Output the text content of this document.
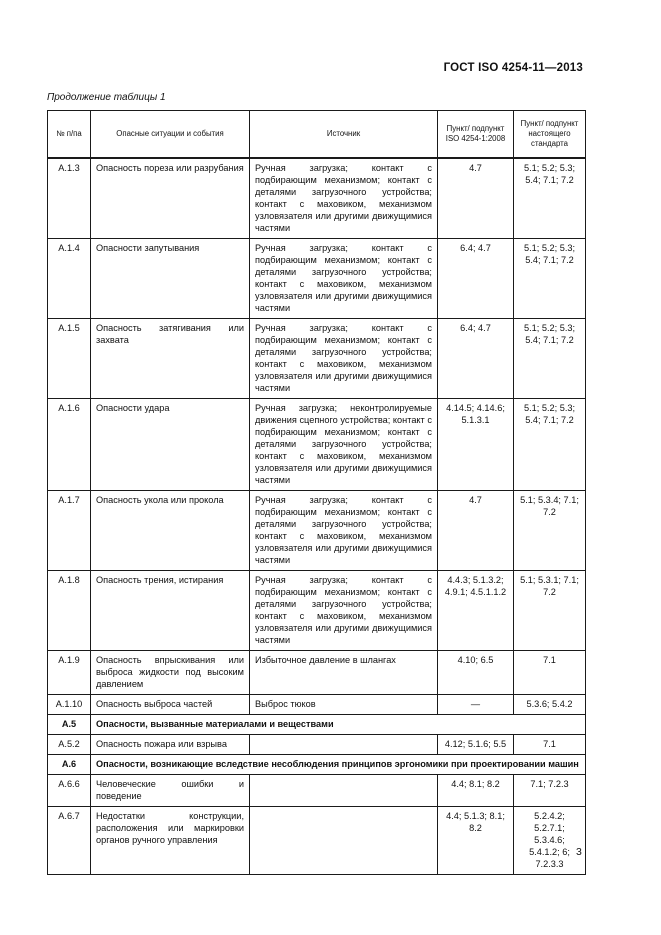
ГОСТ ISO 4254-11—2013
Продолжение таблицы 1
№ п/пa	Опасные ситуации и события	Источник	Пункт/ подпункт ISO 4254-1:2008	Пункт/ подпункт настоящего стандарта
A.1.3	Опасность пореза или разрубания	Ручная загрузка; контакт с подбирающим механизмом; контакт с деталями загрузочного устройства; контакт с маховиком, механизмом узловязателя или другими движущимися частями	4.7	5.1; 5.2; 5.3; 5.4; 7.1; 7.2
A.1.4	Опасности запутывания	Ручная загрузка; контакт с подбирающим механизмом; контакт с деталями загрузочного устройства; контакт с маховиком, механизмом узловязателя или другими движущимися частями	6.4; 4.7	5.1; 5.2; 5.3; 5.4; 7.1; 7.2
A.1.5	Опасность затягивания или захвата	Ручная загрузка; контакт с подбирающим механизмом; контакт с деталями загрузочного устройства; контакт с маховиком, механизмом узловязателя или другими движущимися частями	6.4; 4.7	5.1; 5.2; 5.3; 5.4; 7.1; 7.2
A.1.6	Опасности удара	Ручная загрузка; неконтролируемые движения сцепного устройства; контакт с подбирающим механизмом; контакт с деталями загрузочного устройства; контакт с маховиком, механизмом узловязателя или другими движущимися частями	4.14.5; 4.14.6; 5.1.3.1	5.1; 5.2; 5.3; 5.4; 7.1; 7.2
A.1.7	Опасность укола или прокола	Ручная загрузка; контакт с подбирающим механизмом; контакт с деталями загрузочного устройства; контакт с маховиком, механизмом узловязателя или другими движущимися частями	4.7	5.1; 5.3.4; 7.1; 7.2
A.1.8	Опасность трения, истирания	Ручная загрузка; контакт с подбирающим механизмом; контакт с деталями загрузочного устройства; контакт с маховиком, механизмом узловязателя или другими движущимися частями	4.4.3; 5.1.3.2; 4.9.1; 4.5.1.1.2	5.1; 5.3.1; 7.1; 7.2
A.1.9	Опасность впрыскивания или выброса жидкости под высоким давлением	Избыточное давление в шлангах	4.10; 6.5	7.1
A.1.10	Опасность выброса частей	Выброс тюков	—	5.3.6; 5.4.2
A.5	Опасности, вызванные материалами и веществами			
A.5.2	Опасность пожара или взрыва		4.12; 5.1.6; 5.5	7.1
A.6	Опасности, возникающие вследствие несоблюдения принципов эргономики при проектировании машин			
A.6.6	Человеческие ошибки и поведение		4.4; 8.1; 8.2	7.1; 7.2.3
A.6.7	Недостатки конструкции, расположения или маркировки органов ручного управления		4.4; 5.1.3; 8.1; 8.2	5.2.4.2; 5.2.7.1; 5.3.4.6; 5.4.1.2; 6; 7.2.3.3
3
